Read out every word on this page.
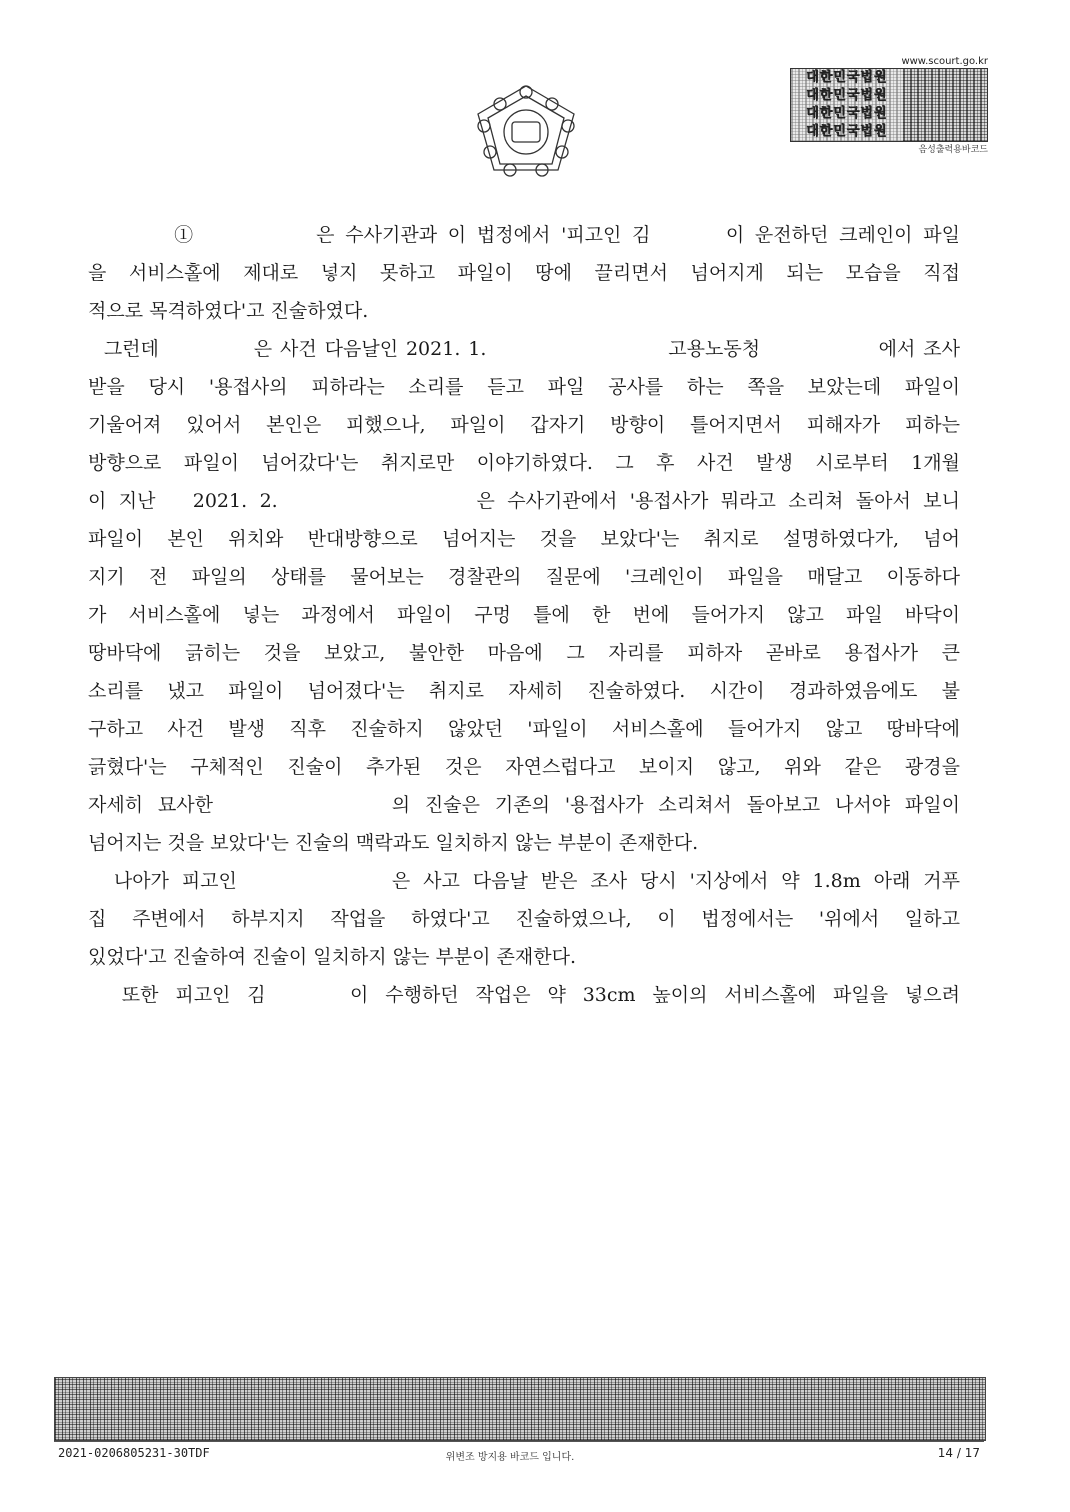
www.scourt.go.kr
대한민국법원
대한민국법원
대한민국법원
대한민국법원
음성출력용바코드

①           은 수사기관과 이 법정에서 '피고인 김       이 운전하던 크레인이 파일
을 서비스홀에 제대로 넣지 못하고 파일이 땅에 끌리면서 넘어지게 되는 모습을 직접
적으로 목격하였다'고 진술하였다.

그런데            은 사건 다음날인 2021. 1.                       고용노동청               에서 조사
받을 당시 '용접사의 피하라는 소리를 듣고 파일 공사를 하는 쪽을 보았는데 파일이
기울어져 있어서 본인은 피했으나, 파일이 갑자기 방향이 틀어지면서 피해자가 피하는
방향으로 파일이 넘어갔다'는 취지로만 이야기하였다. 그 후 사건 발생 시로부터 1개월
이 지난   2021. 2.                은 수사기관에서 '용접사가 뭐라고 소리쳐 돌아서 보니
파일이 본인 위치와 반대방향으로 넘어지는 것을 보았다'는 취지로 설명하였다가, 넘어
지기 전 파일의 상태를 물어보는 경찰관의 질문에 '크레인이 파일을 매달고 이동하다
가 서비스홀에 넣는 과정에서 파일이 구멍 틀에 한 번에 들어가지 않고 파일 바닥이
땅바닥에 긁히는 것을 보았고, 불안한 마음에 그 자리를 피하자 곧바로 용접사가 큰
소리를 냈고 파일이 넘어졌다'는 취지로 자세히 진술하였다. 시간이 경과하였음에도 불
구하고 사건 발생 직후 진술하지 않았던 '파일이 서비스홀에 들어가지 않고 땅바닥에
긁혔다'는 구체적인 진술이 추가된 것은 자연스럽다고 보이지 않고, 위와 같은 광경을
자세히 묘사한            의 진술은 기존의 '용접사가 소리쳐서 돌아보고 나서야 파일이
넘어지는 것을 보았다'는 진술의 맥락과도 일치하지 않는 부분이 존재한다.

나아가 피고인            은 사고 다음날 받은 조사 당시 '지상에서 약 1.8m 아래 거푸
집 주변에서 하부지지 작업을 하였다'고 진술하였으나, 이 법정에서는 '위에서 일하고
있었다'고 진술하여 진술이 일치하지 않는 부분이 존재한다.

또한 피고인 김     이 수행하던 작업은 약 33cm 높이의 서비스홀에 파일을 넣으려

2021-0206805231-30TDF	위변조 방지용 바코드 입니다.	14 / 17
